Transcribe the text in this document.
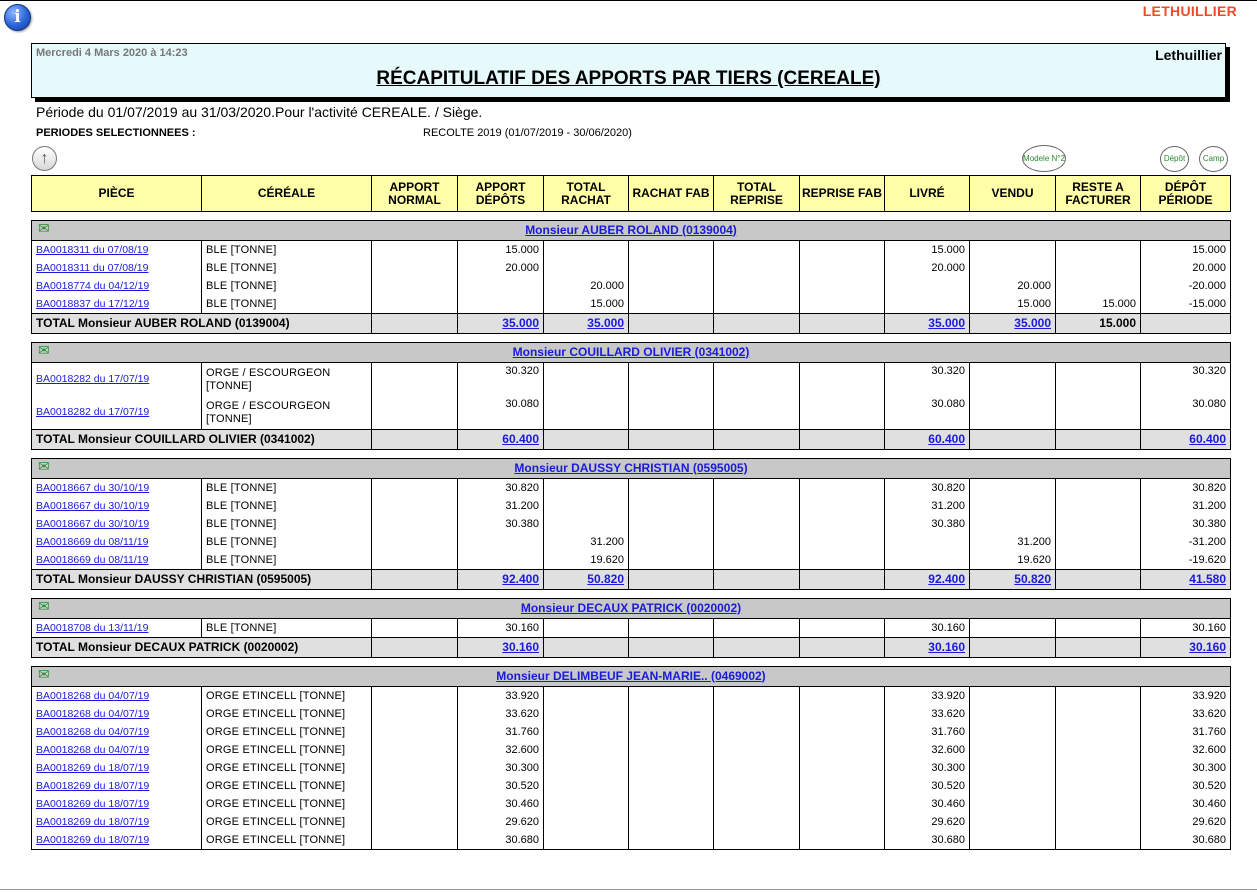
i	LETHUILLIER
Mercredi 4 Mars 2020 à 14:23	Lethuillier
RÉCAPITULATIF DES APPORTS PAR TIERS (CEREALE)
Période du 01/07/2019 au 31/03/2020.Pour l'activité CEREALE. / Siège.
PERIODES SELECTIONNEES :	RECOLTE 2019 (01/07/2019 - 30/06/2020)
↑	Modele N°2	Dépôt	Camp
PIÈCE	CÉRÉALE	APPORT NORMAL	APPORT DÉPÔTS	TOTAL RACHAT	RACHAT FAB	TOTAL REPRISE	REPRISE FAB	LIVRÉ	VENDU	RESTE A FACTURER	DÉPÔT PÉRIODE

✉ Monsieur AUBER ROLAND (0139004)											
BA0018311 du 07/08/19	BLE [TONNE]		15.000					15.000			15.000
BA0018311 du 07/08/19	BLE [TONNE]		20.000					20.000			20.000
BA0018774 du 04/12/19	BLE [TONNE]			20.000					20.000		-20.000
BA0018837 du 17/12/19	BLE [TONNE]			15.000					15.000	15.000	-15.000
TOTAL Monsieur AUBER ROLAND (0139004)			35.000	35.000				35.000	35.000	15.000	

✉ Monsieur COUILLARD OLIVIER (0341002)											
BA0018282 du 17/07/19	ORGE / ESCOURGEON [TONNE]		30.320					30.320			30.320
BA0018282 du 17/07/19	ORGE / ESCOURGEON [TONNE]		30.080					30.080			30.080
TOTAL Monsieur COUILLARD OLIVIER (0341002)			60.400					60.400			60.400

✉ Monsieur DAUSSY CHRISTIAN (0595005)											
BA0018667 du 30/10/19	BLE [TONNE]		30.820					30.820			30.820
BA0018667 du 30/10/19	BLE [TONNE]		31.200					31.200			31.200
BA0018667 du 30/10/19	BLE [TONNE]		30.380					30.380			30.380
BA0018669 du 08/11/19	BLE [TONNE]			31.200					31.200		-31.200
BA0018669 du 08/11/19	BLE [TONNE]			19.620					19.620		-19.620
TOTAL Monsieur DAUSSY CHRISTIAN (0595005)			92.400	50.820				92.400	50.820		41.580

✉ Monsieur DECAUX PATRICK (0020002)											
BA0018708 du 13/11/19	BLE [TONNE]		30.160					30.160			30.160
TOTAL Monsieur DECAUX PATRICK (0020002)			30.160					30.160			30.160

✉ Monsieur DELIMBEUF JEAN-MARIE.. (0469002)											
BA0018268 du 04/07/19	ORGE ETINCELL [TONNE]		33.920					33.920			33.920
BA0018268 du 04/07/19	ORGE ETINCELL [TONNE]		33.620					33.620			33.620
BA0018268 du 04/07/19	ORGE ETINCELL [TONNE]		31.760					31.760			31.760
BA0018268 du 04/07/19	ORGE ETINCELL [TONNE]		32.600					32.600			32.600
BA0018269 du 18/07/19	ORGE ETINCELL [TONNE]		30.300					30.300			30.300
BA0018269 du 18/07/19	ORGE ETINCELL [TONNE]		30.520					30.520			30.520
BA0018269 du 18/07/19	ORGE ETINCELL [TONNE]		30.460					30.460			30.460
BA0018269 du 18/07/19	ORGE ETINCELL [TONNE]		29.620					29.620			29.620
BA0018269 du 18/07/19	ORGE ETINCELL [TONNE]		30.680					30.680			30.680
